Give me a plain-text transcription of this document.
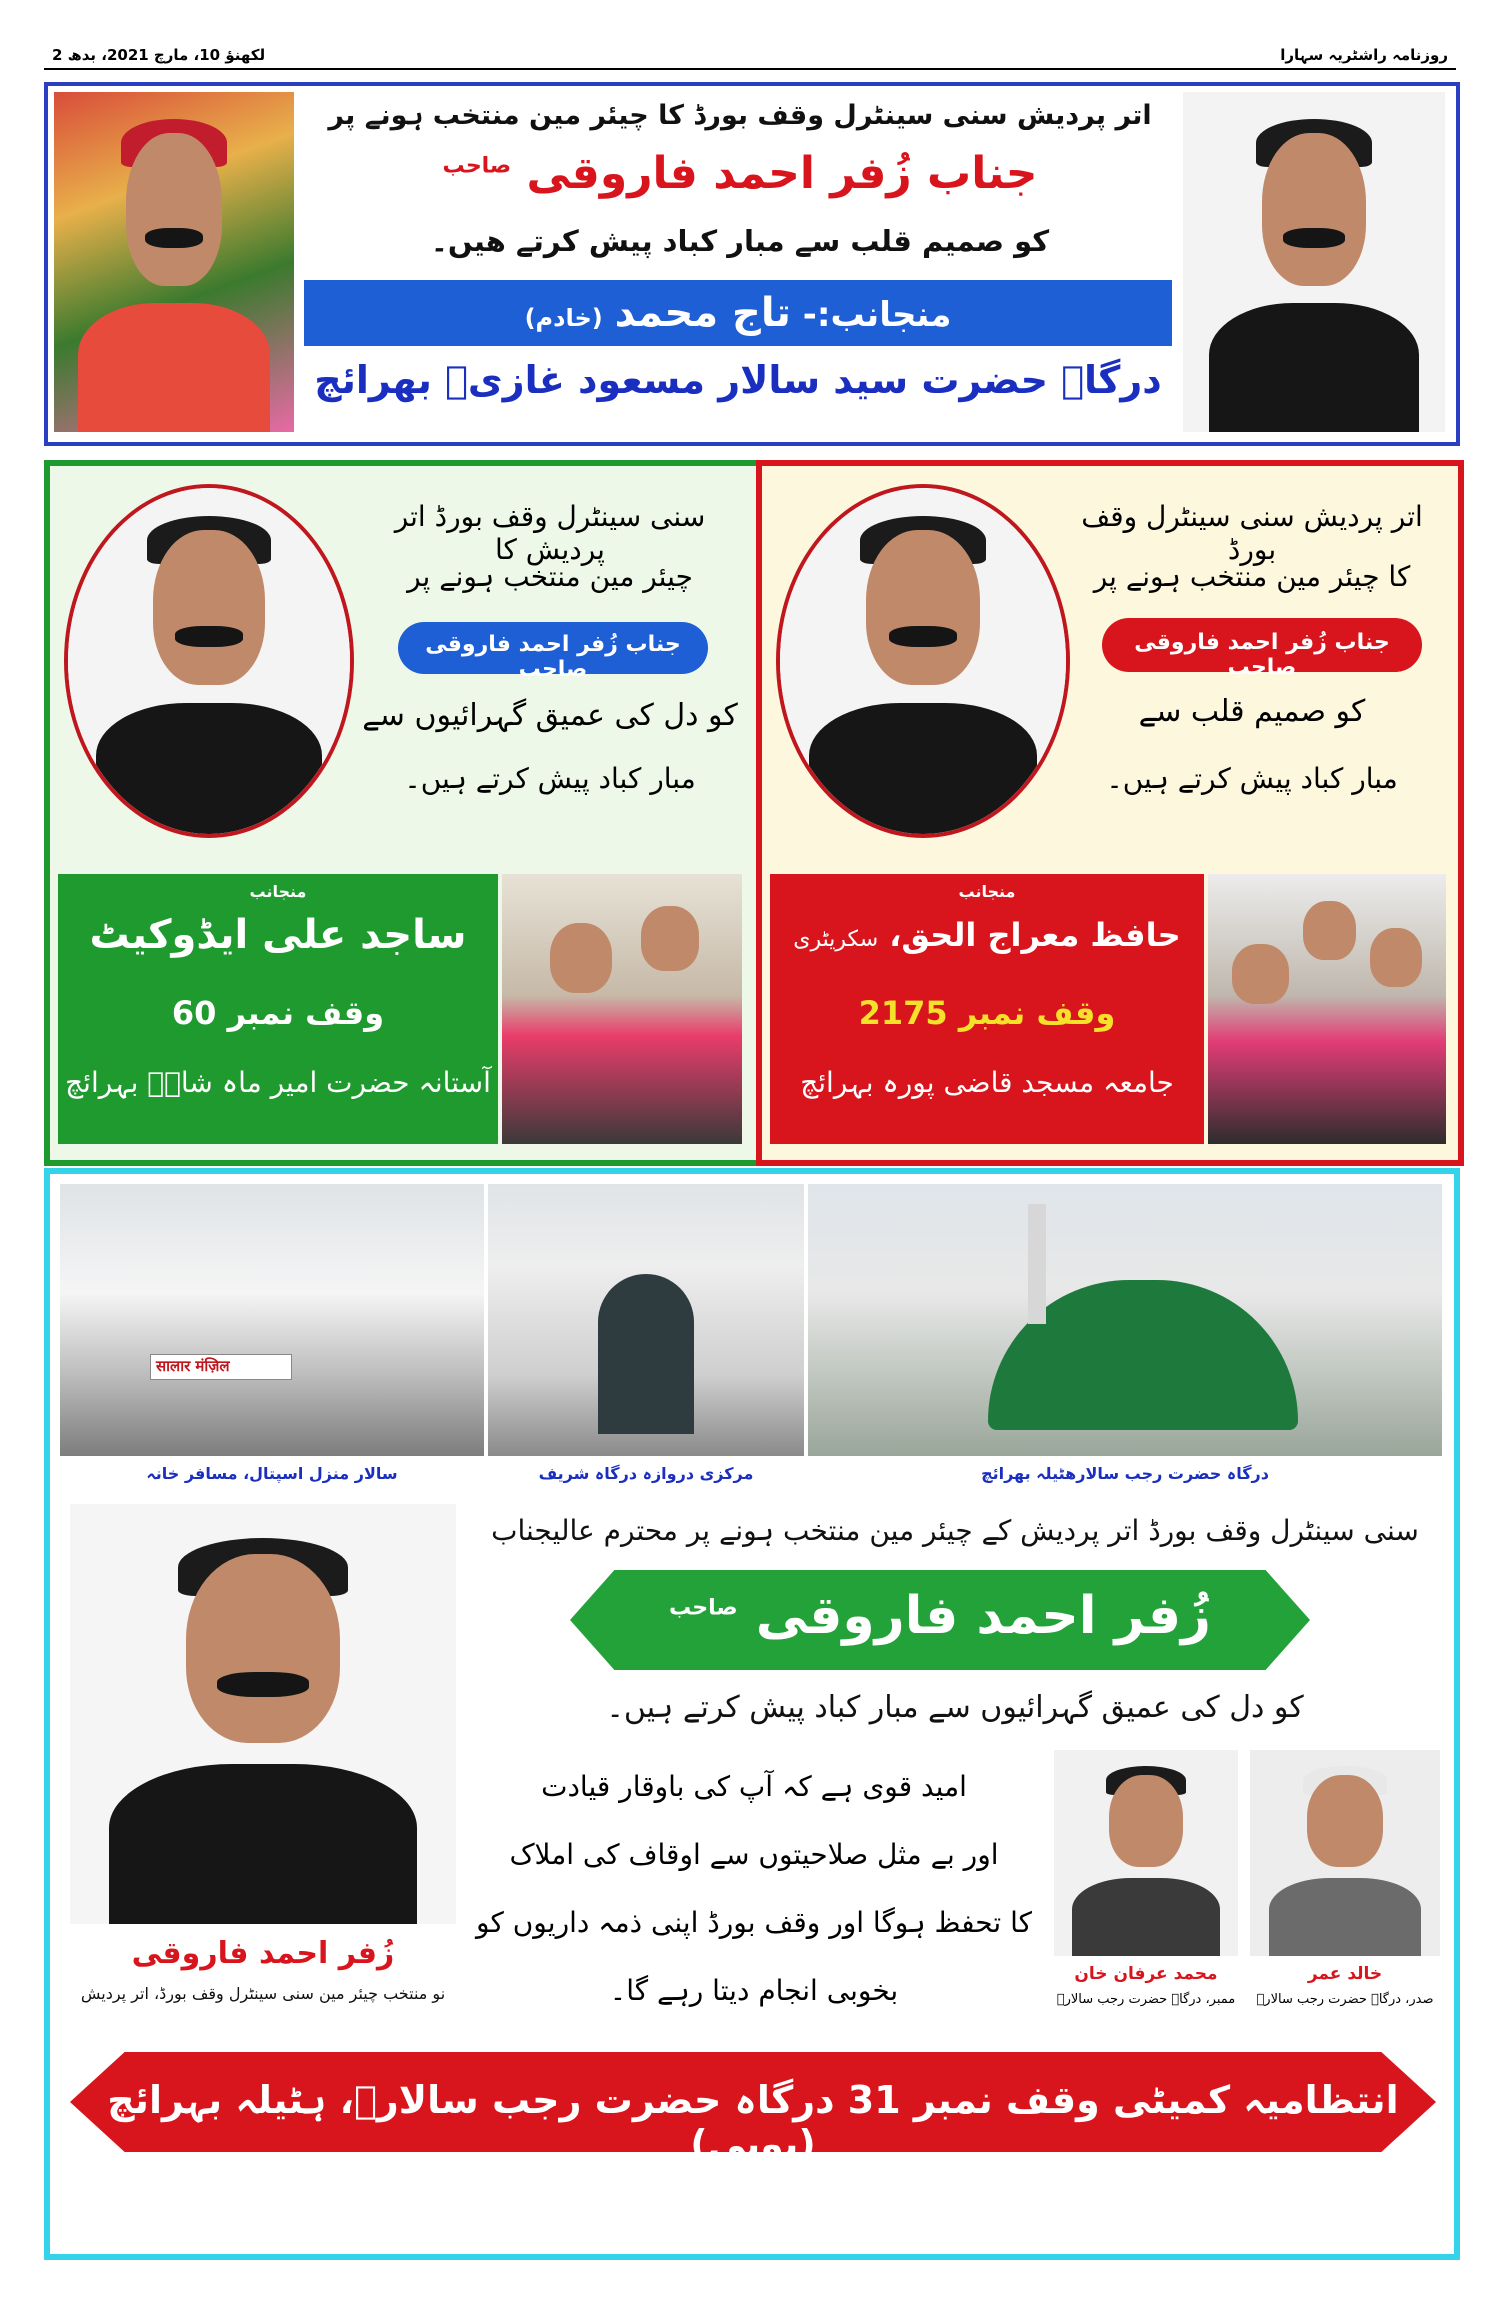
روزنامہ راشٹریہ سہارا
لکھنؤ 10، مارچ 2021، بدھ 2
اتر پردیش سنی سینٹرل وقف بورڈ کا چیئر مین منتخب ہونے پر
جناب زُفر احمد فاروقی $^{صاحب}$
کو صمیم قلب سے مبار کباد پیش کرتے ھیں۔
منجانب:- تاج محمد (خادم)
درگاہ حضرت سید سالار مسعود غازیؒ بھرائچ
سنی سینٹرل وقف بورڈ اتر پردیش کا
چیئر مین منتخب ہونے پر
جناب زُفر احمد فاروقی صاحب
کو دل کی عمیق گہرائیوں سے
مبار کباد پیش کرتے ہیں۔
منجانب
ساجد علی ایڈوکیٹ
وقف نمبر 60
آستانہ حضرت امیر ماہ شاہؒ بہرائچ
اتر پردیش سنی سینٹرل وقف بورڈ
کا چیئر مین منتخب ہونے پر
جناب زُفر احمد فاروقی صاحب
کو صمیم قلب سے
مبار کباد پیش کرتے ہیں۔
منجانب
حافظ معراج الحق، سکریٹری
وقف نمبر 2175
جامعہ مسجد قاضی پورہ بہرائچ
सालार मंज़िल
سالار منزل اسپتال، مسافر خانہ	مرکزی دروازہ درگاہ شریف	درگاہ حضرت رجب سالارھٹیلہ بھرائچ
زُفر احمد فاروقی
نو منتخب چیئر مین سنی سینٹرل وقف بورڈ، اتر پردیش
سنی سینٹرل وقف بورڈ اتر پردیش کے چیئر مین منتخب ہونے پر محترم عالیجناب
زُفر احمد فاروقی $^{صاحب}$
کو دل کی عمیق گہرائیوں سے مبار کباد پیش کرتے ہیں۔
امید قوی ہے کہ آپ کی باوقار قیادت
اور بے مثل صلاحیتوں سے اوقاف کی املاک
کا تحفظ ہوگا اور وقف بورڈ اپنی ذمہ داریوں کو
بخوبی انجام دیتا رہے گا۔	محمد عرفان خان
ممبر، درگاہ حضرت رجب سالارؒ
خالد عمر
صدر، درگاہ حضرت رجب سالارؒ
انتظامیہ کمیٹی وقف نمبر 31 درگاہ حضرت رجب سالارؒ، ہٹیلہ بہرائچ (یوپی)
